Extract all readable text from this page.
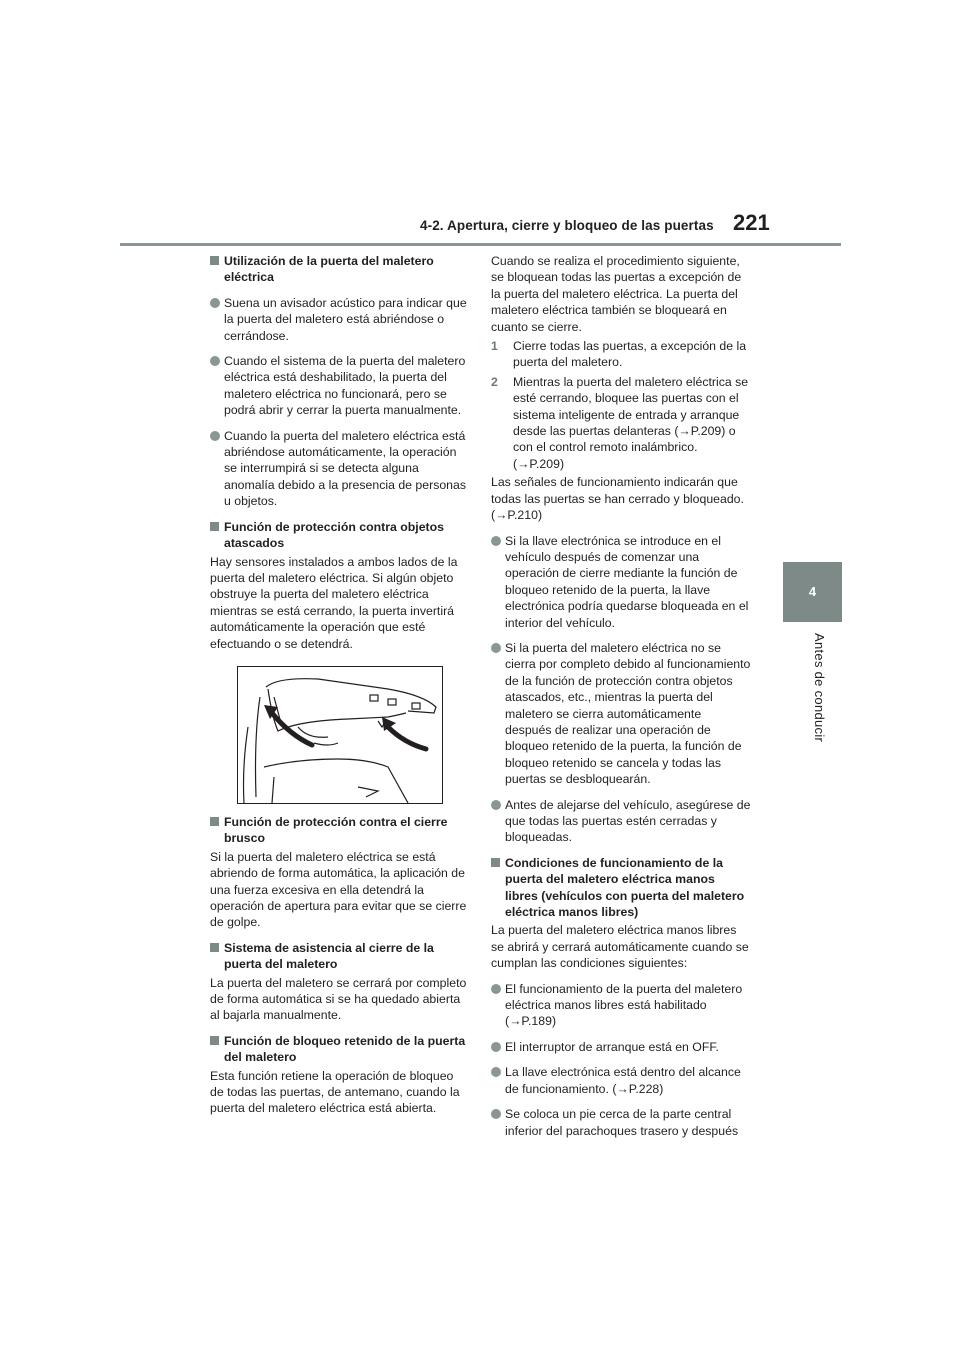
4-2. Apertura, cierre y bloqueo de las puertas 221
4
Antes de conducir
Utilización de la puerta del maletero eléctrica
Suena un avisador acústico para indicar que la puerta del maletero está abriéndose o cerrándose.
Cuando el sistema de la puerta del maletero eléctrica está deshabilitado, la puerta del maletero eléctrica no funcionará, pero se podrá abrir y cerrar la puerta manualmente.
Cuando la puerta del maletero eléctrica está abriéndose automáticamente, la operación se interrumpirá si se detecta alguna anomalía debido a la presencia de personas u objetos.
Función de protección contra objetos atascados
Hay sensores instalados a ambos lados de la puerta del maletero eléctrica. Si algún objeto obstruye la puerta del maletero eléctrica mientras se está cerrando, la puerta invertirá automáticamente la operación que esté efectuando o se detendrá.
Función de protección contra el cierre brusco
Si la puerta del maletero eléctrica se está abriendo de forma automática, la aplicación de una fuerza excesiva en ella detendrá la operación de apertura para evitar que se cierre de golpe.
Sistema de asistencia al cierre de la puerta del maletero
La puerta del maletero se cerrará por completo de forma automática si se ha quedado abierta al bajarla manualmente.
Función de bloqueo retenido de la puerta del maletero
Esta función retiene la operación de bloqueo de todas las puertas, de antemano, cuando la puerta del maletero eléctrica está abierta.
Cuando se realiza el procedimiento siguiente, se bloquean todas las puertas a excepción de la puerta del maletero eléctrica. La puerta del maletero eléctrica también se bloqueará en cuanto se cierre.
1 Cierre todas las puertas, a excepción de la puerta del maletero.
2 Mientras la puerta del maletero eléctrica se esté cerrando, bloquee las puertas con el sistema inteligente de entrada y arranque desde las puertas delanteras (→P.209) o con el control remoto inalámbrico. (→P.209)
Las señales de funcionamiento indicarán que todas las puertas se han cerrado y bloqueado. (→P.210)
Si la llave electrónica se introduce en el vehículo después de comenzar una operación de cierre mediante la función de bloqueo retenido de la puerta, la llave electrónica podría quedarse bloqueada en el interior del vehículo.
Si la puerta del maletero eléctrica no se cierra por completo debido al funcionamiento de la función de protección contra objetos atascados, etc., mientras la puerta del maletero se cierra automáticamente después de realizar una operación de bloqueo retenido de la puerta, la función de bloqueo retenido se cancela y todas las puertas se desbloquearán.
Antes de alejarse del vehículo, asegúrese de que todas las puertas estén cerradas y bloqueadas.
Condiciones de funcionamiento de la puerta del maletero eléctrica manos libres (vehículos con puerta del maletero eléctrica manos libres)
La puerta del maletero eléctrica manos libres se abrirá y cerrará automáticamente cuando se cumplan las condiciones siguientes:
El funcionamiento de la puerta del maletero eléctrica manos libres está habilitado (→P.189)
El interruptor de arranque está en OFF.
La llave electrónica está dentro del alcance de funcionamiento. (→P.228)
Se coloca un pie cerca de la parte central inferior del parachoques trasero y después
